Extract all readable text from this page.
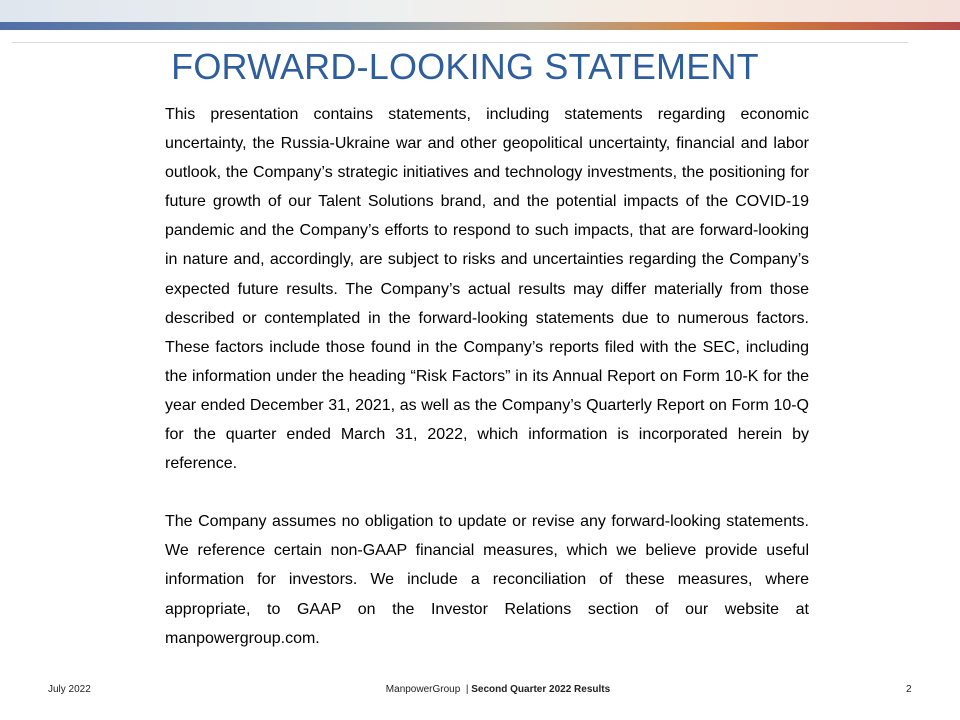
FORWARD-LOOKING STATEMENT

This presentation contains statements, including statements regarding economic uncertainty, the Russia-Ukraine war and other geopolitical uncertainty, financial and labor outlook, the Company’s strategic initiatives and technology investments, the positioning for future growth of our Talent Solutions brand, and the potential impacts of the COVID-19 pandemic and the Company’s efforts to respond to such impacts, that are forward-looking in nature and, accordingly, are subject to risks and uncertainties regarding the Company’s expected future results. The Company’s actual results may differ materially from those described or contemplated in the forward-looking statements due to numerous factors. These factors include those found in the Company’s reports filed with the SEC, including the information under the heading “Risk Factors” in its Annual Report on Form 10-K for the year ended December 31, 2021, as well as the Company’s Quarterly Report on Form 10-Q for the quarter ended March 31, 2022, which information is incorporated herein by reference.

The Company assumes no obligation to update or revise any forward-looking statements. We reference certain non-GAAP financial measures, which we believe provide useful information for investors. We include a reconciliation of these measures, where appropriate, to GAAP on the Investor Relations section of our website at manpowergroup.com.

July 2022	ManpowerGroup | Second Quarter 2022 Results	2
